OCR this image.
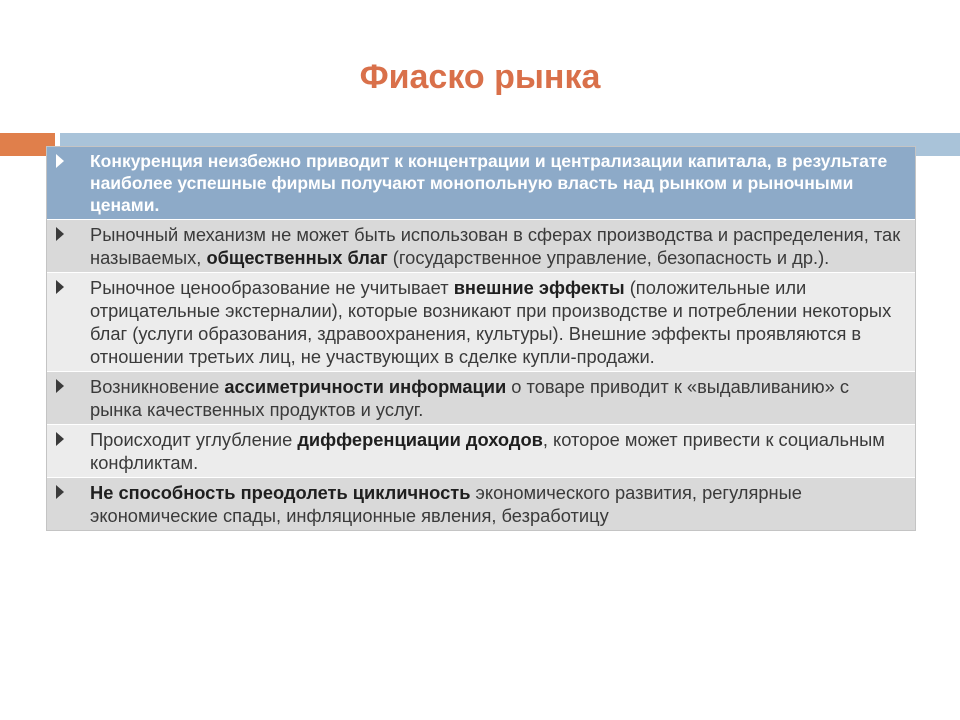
Фиаско рынка
Конкуренция неизбежно приводит к концентрации и централизации капитала, в результате наиболее успешные фирмы получают монопольную власть над рынком и рыночными ценами.
Рыночный механизм не может быть использован в сферах производства и распределения, так называемых, общественных благ (государственное управление, безопасность и др.).
Рыночное ценообразование не учитывает внешние эффекты (положительные или отрицательные экстерналии), которые возникают при производстве и потреблении некоторых благ (услуги образования, здравоохранения, культуры). Внешние эффекты проявляются в отношении третьих лиц, не участвующих в сделке купли-продажи.
Возникновение ассиметричности информации о товаре приводит к «выдавливанию» с рынка качественных продуктов и услуг.
Происходит углубление дифференциации доходов, которое может привести к социальным конфликтам.
Не способность преодолеть цикличность экономического развития, регулярные экономические спады, инфляционные явления, безработицу
